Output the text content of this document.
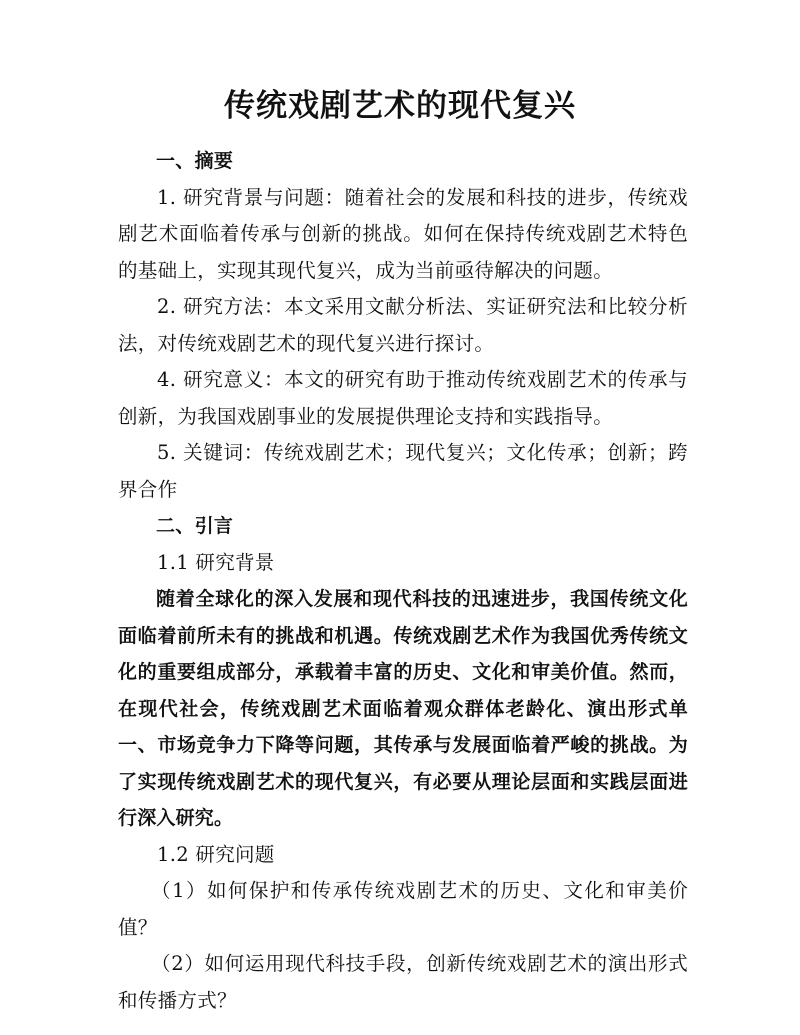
传统戏剧艺术的现代复兴

一、摘要

1. 研究背景与问题：随着社会的发展和科技的进步，传统戏剧艺术面临着传承与创新的挑战。如何在保持传统戏剧艺术特色的基础上，实现其现代复兴，成为当前亟待解决的问题。

2. 研究方法：本文采用文献分析法、实证研究法和比较分析法，对传统戏剧艺术的现代复兴进行探讨。

4. 研究意义：本文的研究有助于推动传统戏剧艺术的传承与创新，为我国戏剧事业的发展提供理论支持和实践指导。

5. 关键词：传统戏剧艺术；现代复兴；文化传承；创新；跨界合作

二、引言

1.1 研究背景

随着全球化的深入发展和现代科技的迅速进步，我国传统文化面临着前所未有的挑战和机遇。传统戏剧艺术作为我国优秀传统文化的重要组成部分，承载着丰富的历史、文化和审美价值。然而，在现代社会，传统戏剧艺术面临着观众群体老龄化、演出形式单一、市场竞争力下降等问题，其传承与发展面临着严峻的挑战。为了实现传统戏剧艺术的现代复兴，有必要从理论层面和实践层面进行深入研究。

1.2 研究问题

（1）如何保护和传承传统戏剧艺术的历史、文化和审美价值？

（2）如何运用现代科技手段，创新传统戏剧艺术的演出形式和传播方式？
